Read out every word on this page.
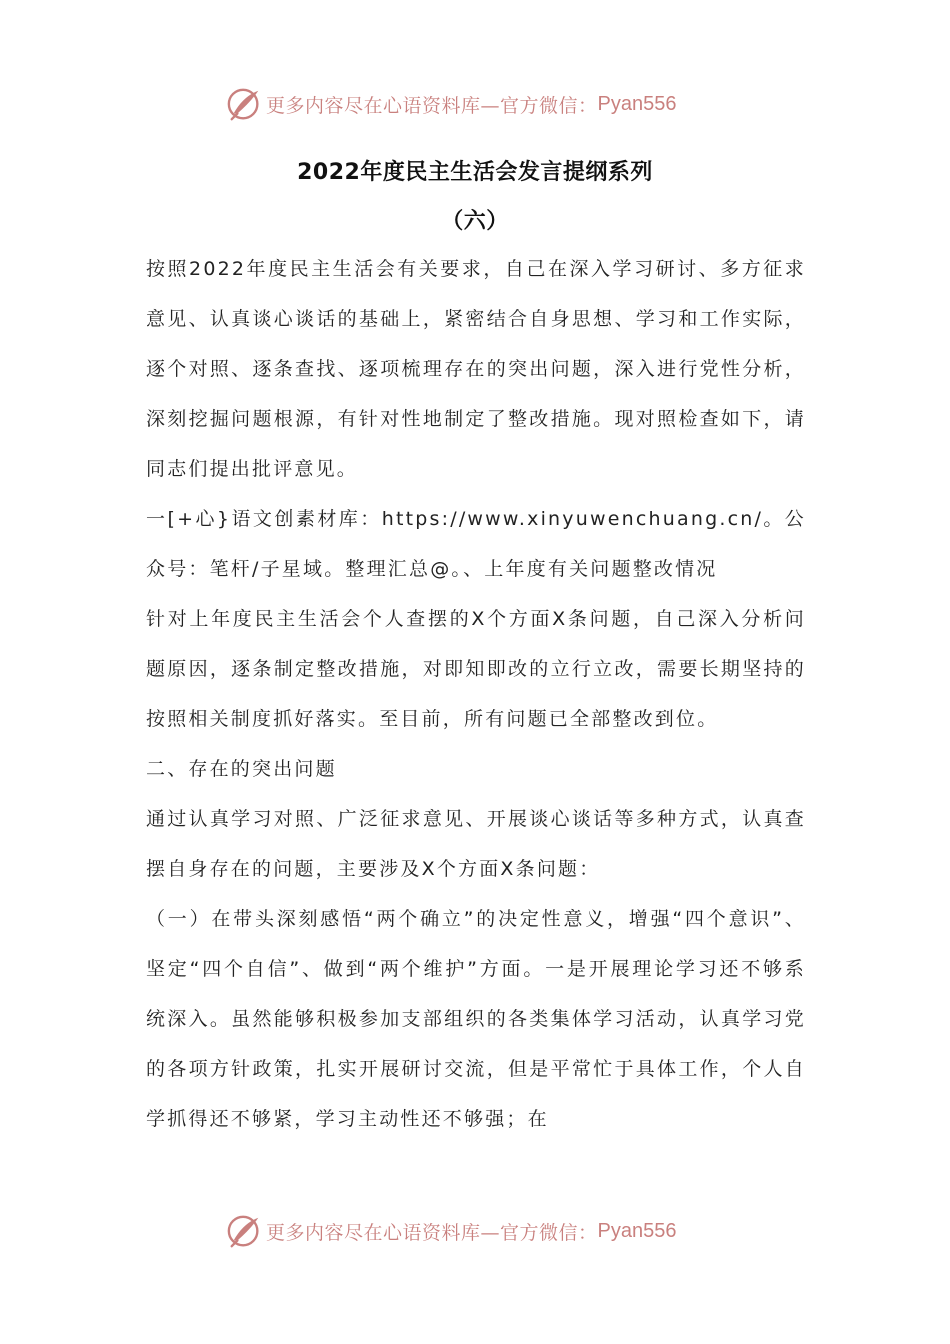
更多内容尽在心语资料库—官方微信： Pyan556
2022年度民主生活会发言提纲系列
（六）

按照2022年度民主生活会有关要求，自己在深入学习研讨、多方征求意见、认真谈心谈话的基础上，紧密结合自身思想、学习和工作实际，逐个对照、逐条查找、逐项梳理存在的突出问题，深入进行党性分析，深刻挖掘问题根源，有针对性地制定了整改措施。现对照检查如下，请同志们提出批评意见。

一[+心}语文创素材库：https://www.xinyuwenchuang.cn/。公众号：笔杆/子星域。整理汇总@。、上年度有关问题整改情况

针对上年度民主生活会个人查摆的X个方面X条问题，自己深入分析问题原因，逐条制定整改措施，对即知即改的立行立改，需要长期坚持的按照相关制度抓好落实。至目前，所有问题已全部整改到位。

二、存在的突出问题

通过认真学习对照、广泛征求意见、开展谈心谈话等多种方式，认真查摆自身存在的问题，主要涉及X个方面X条问题：

（一）在带头深刻感悟“两个确立”的决定性意义，增强“四个意识”、坚定“四个自信”、做到“两个维护”方面。一是开展理论学习还不够系统深入。虽然能够积极参加支部组织的各类集体学习活动，认真学习党的各项方针政策，扎实开展研讨交流，但是平常忙于具体工作，个人自学抓得还不够紧，学习主动性还不够强；在

更多内容尽在心语资料库—官方微信： Pyan556
